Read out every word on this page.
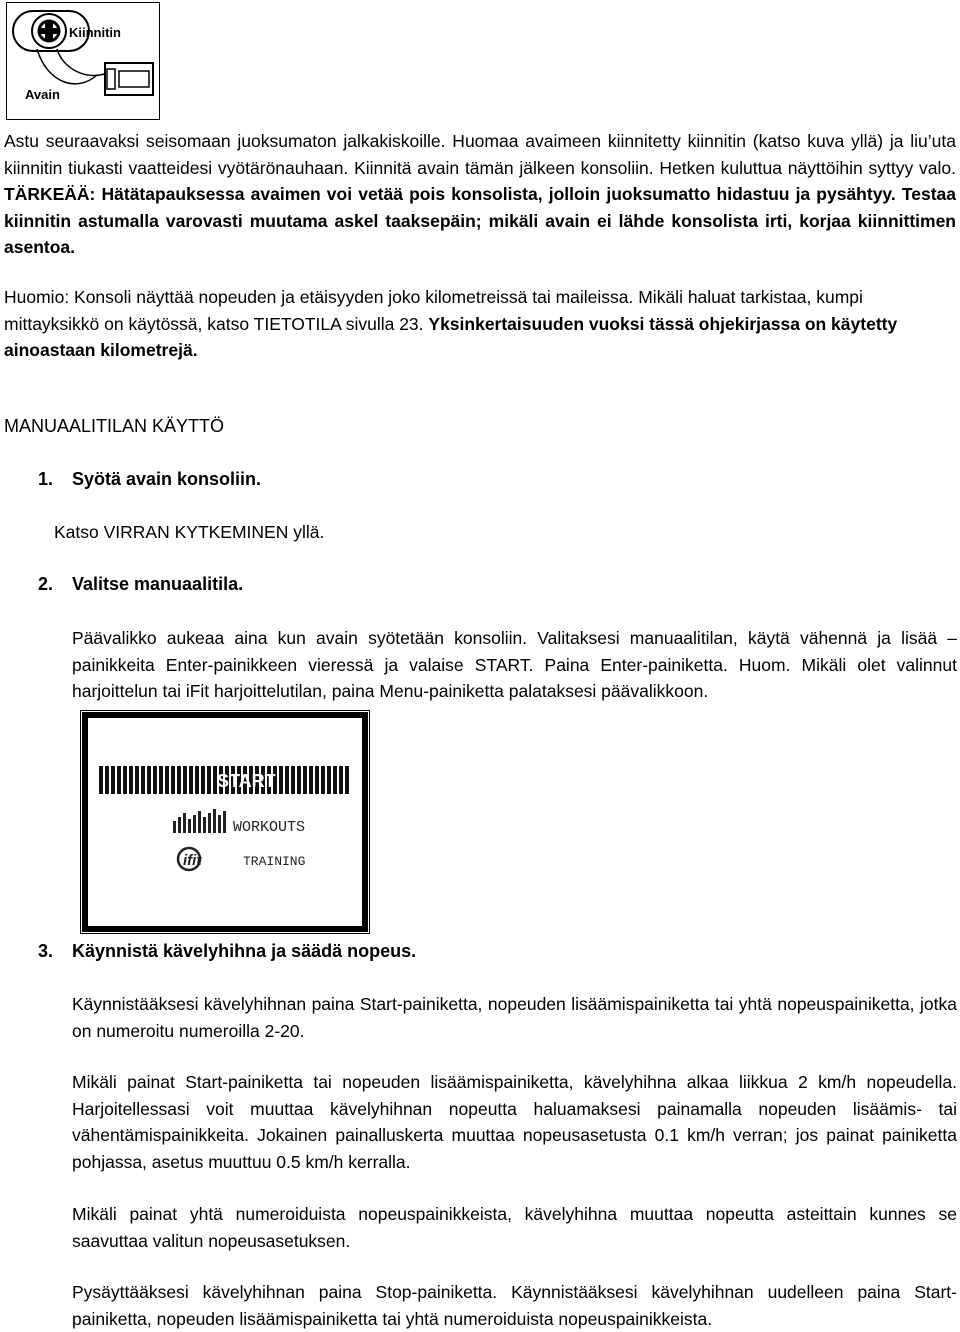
Kiinnitin
Avain

Astu seuraavaksi seisomaan juoksumaton jalkakiskoille. Huomaa avaimeen kiinnitetty kiinnitin (katso kuva yllä) ja liu’uta kiinnitin tiukasti vaatteidesi vyötärönauhaan. Kiinnitä avain tämän jälkeen konsoliin. Hetken kuluttua näyttöihin syttyy valo. TÄRKEÄÄ: Hätätapauksessa avaimen voi vetää pois konsolista, jolloin juoksumatto hidastuu ja pysähtyy. Testaa kiinnitin astumalla varovasti muutama askel taaksepäin; mikäli avain ei lähde konsolista irti, korjaa kiinnittimen asentoa.

Huomio: Konsoli näyttää nopeuden ja etäisyyden joko kilometreissä tai maileissa. Mikäli haluat tarkistaa, kumpi mittayksikkö on käytössä, katso TIETOTILA sivulla 23. Yksinkertaisuuden vuoksi tässä ohjekirjassa on käytetty ainoastaan kilometrejä.

MANUAALITILAN KÄYTTÖ
1. Syötä avain konsoliin.
Katso VIRRAN KYTKEMINEN yllä.
2. Valitse manuaalitila.

Päävalikko aukeaa aina kun avain syötetään konsoliin. Valitaksesi manuaalitilan, käytä vähennä ja lisää –painikkeita Enter-painikkeen vieressä ja valaise START. Paina Enter-painiketta. Huom. Mikäli olet valinnut harjoittelun tai iFit harjoittelutilan, paina Menu-painiketta palataksesi päävalikkoon.

START
WORKOUTS
ifit	TRAINING
3. Käynnistä kävelyhihna ja säädä nopeus.

Käynnistääksesi kävelyhihnan paina Start-painiketta, nopeuden lisäämispainiketta tai yhtä nopeuspainiketta, jotka on numeroitu numeroilla 2-20.

Mikäli painat Start-painiketta tai nopeuden lisäämispainiketta, kävelyhihna alkaa liikkua 2 km/h nopeudella. Harjoitellessasi voit muuttaa kävelyhihnan nopeutta haluamaksesi painamalla nopeuden lisäämis- tai vähentämispainikkeita. Jokainen painalluskerta muuttaa nopeusasetusta 0.1 km/h verran; jos painat painiketta pohjassa, asetus muuttuu 0.5 km/h kerralla.

Mikäli painat yhtä numeroiduista nopeuspainikkeista, kävelyhihna muuttaa nopeutta asteittain kunnes se saavuttaa valitun nopeusasetuksen.

Pysäyttääksesi kävelyhihnan paina Stop-painiketta. Käynnistääksesi kävelyhihnan uudelleen paina Start-painiketta, nopeuden lisäämispainiketta tai yhtä numeroiduista nopeuspainikkeista.
